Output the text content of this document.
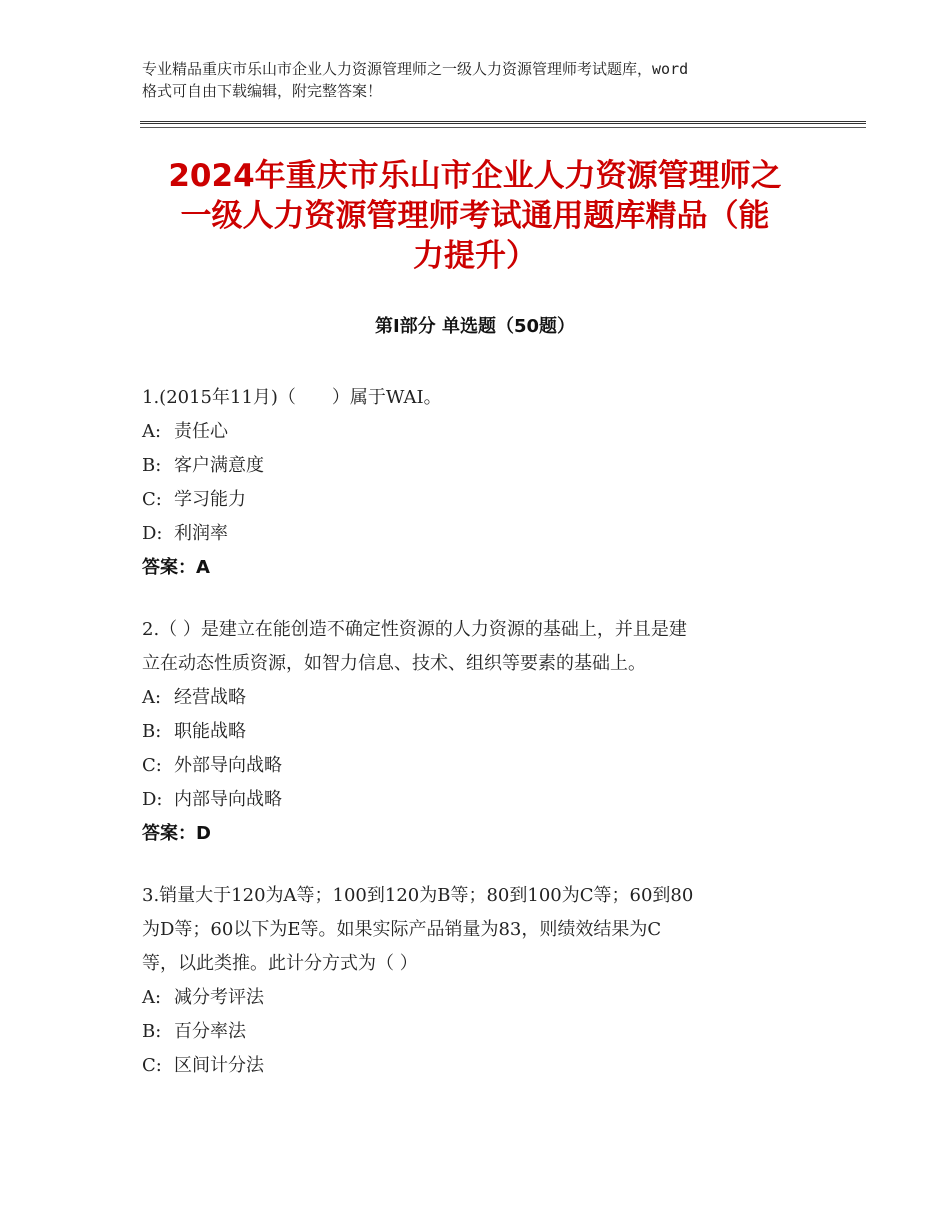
专业精品重庆市乐山市企业人力资源管理师之一级人力资源管理师考试题库，word
格式可自由下载编辑，附完整答案！
2024年重庆市乐山市企业人力资源管理师之
一级人力资源管理师考试通用题库精品（能
力提升）
第Ⅰ部分 单选题（50题）
1.(2015年11月)（　　）属于WAI。
A: 责任心
B: 客户满意度
C: 学习能力
D: 利润率
答案：A
2.（ ）是建立在能创造不确定性资源的人力资源的基础上，并且是建
立在动态性质资源，如智力信息、技术、组织等要素的基础上。
A: 经营战略
B: 职能战略
C: 外部导向战略
D: 内部导向战略
答案：D
3.销量大于120为A等；100到120为B等；80到100为C等；60到80
为D等；60以下为E等。如果实际产品销量为83，则绩效结果为C
等，以此类推。此计分方式为（ ）
A: 减分考评法
B: 百分率法
C: 区间计分法
